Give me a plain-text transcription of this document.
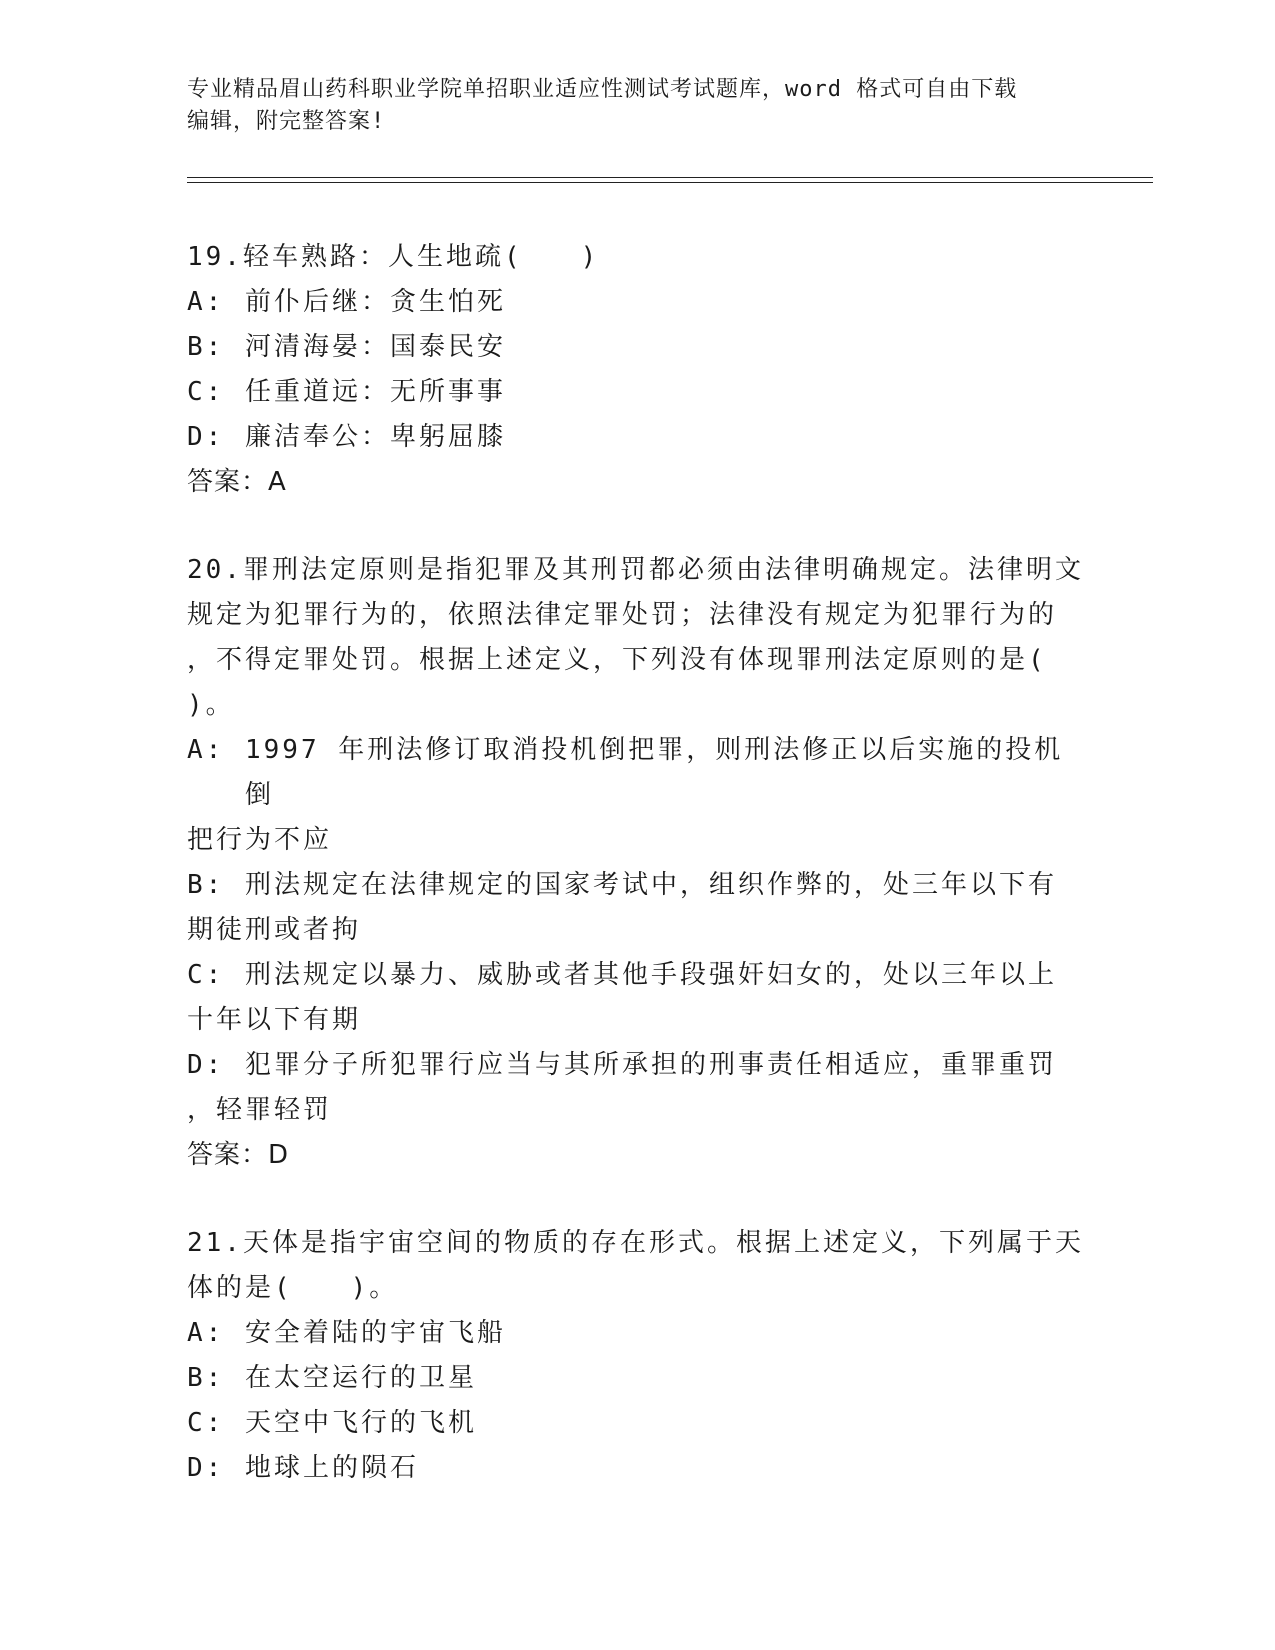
专业精品眉山药科职业学院单招职业适应性测试考试题库，word 格式可自由下载
编辑，附完整答案!
19.轻车熟路：人生地疏(　　)
A: 前仆后继：贪生怕死
B: 河清海晏：国泰民安
C: 任重道远：无所事事
D: 廉洁奉公：卑躬屈膝
答案：A
20.罪刑法定原则是指犯罪及其刑罚都必须由法律明确规定。法律明文
规定为犯罪行为的，依照法律定罪处罚；法律没有规定为犯罪行为的
，不得定罪处罚。根据上述定义，下列没有体现罪刑法定原则的是(
)。
A: 1997 年刑法修订取消投机倒把罪，则刑法修正以后实施的投机倒
把行为不应
B: 刑法规定在法律规定的国家考试中，组织作弊的，处三年以下有
期徒刑或者拘
C: 刑法规定以暴力、威胁或者其他手段强奸妇女的，处以三年以上
十年以下有期
D: 犯罪分子所犯罪行应当与其所承担的刑事责任相适应，重罪重罚
，轻罪轻罚
答案：D
21.天体是指宇宙空间的物质的存在形式。根据上述定义，下列属于天
体的是(　　)。
A: 安全着陆的宇宙飞船
B: 在太空运行的卫星
C: 天空中飞行的飞机
D: 地球上的陨石
